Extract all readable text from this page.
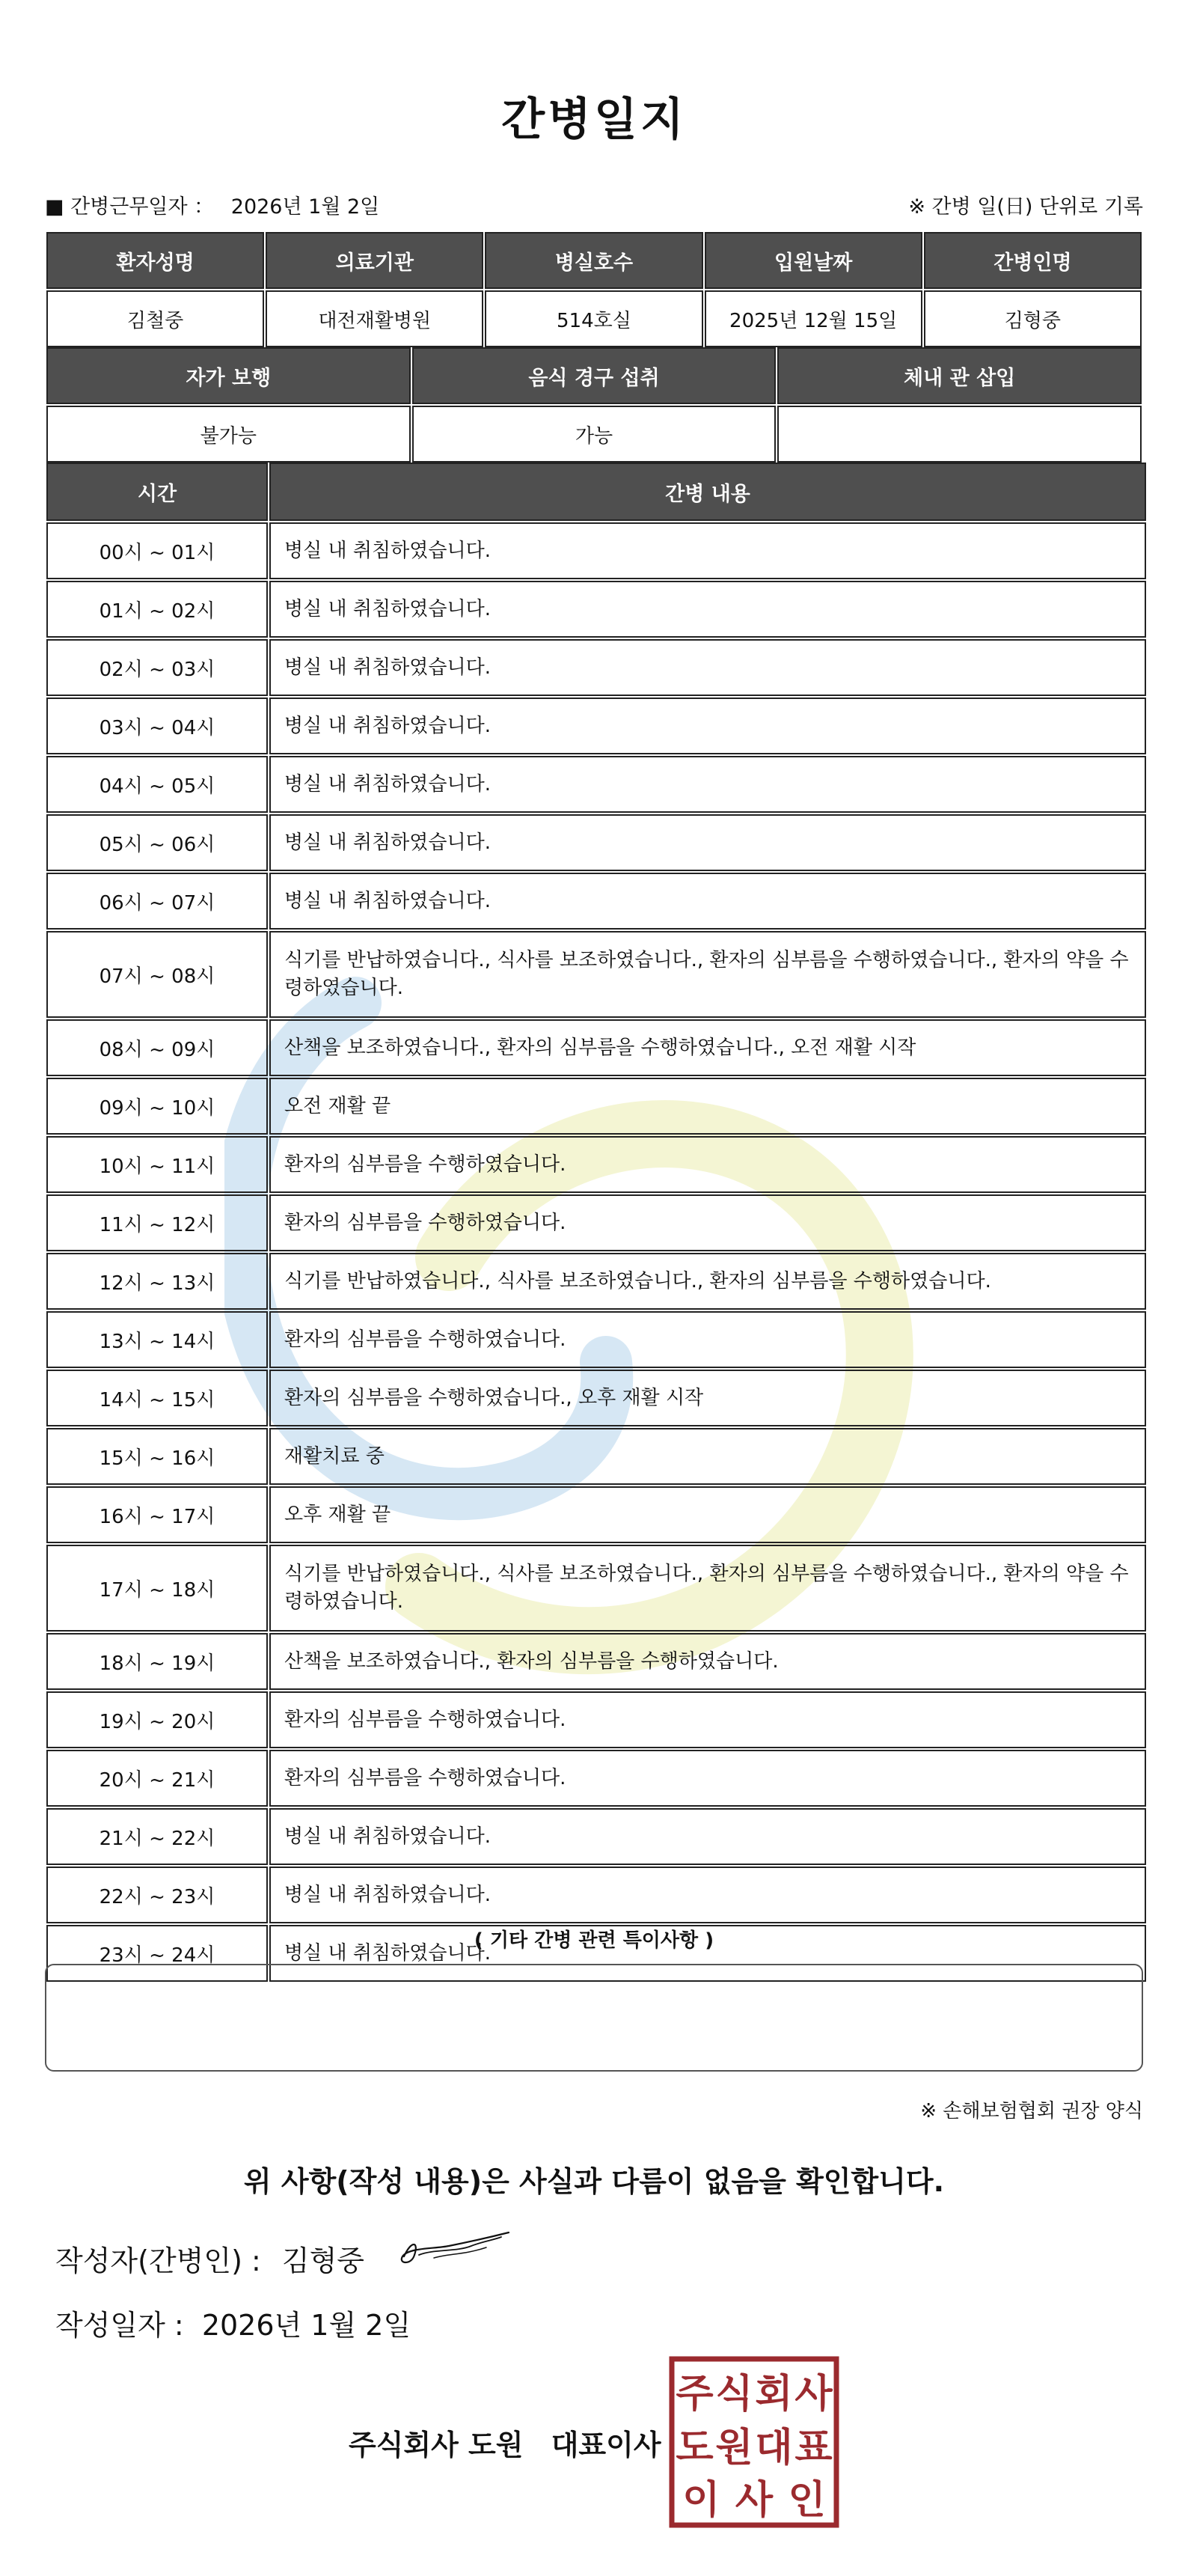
간병일지
■ 간병근무일자 ： 2026년 1월 2일	※ 간병 일(日) 단위로 기록
환자성명	의료기관	병실호수	입원날짜	간병인명
김철중	대전재활병원	514호실	2025년 12월 15일	김형중
자가 보행	음식 경구 섭취	체내 관 삽입
불가능	가능	
시간	간병 내용
00시 ~ 01시	병실 내 취침하였습니다.
01시 ~ 02시	병실 내 취침하였습니다.
02시 ~ 03시	병실 내 취침하였습니다.
03시 ~ 04시	병실 내 취침하였습니다.
04시 ~ 05시	병실 내 취침하였습니다.
05시 ~ 06시	병실 내 취침하였습니다.
06시 ~ 07시	병실 내 취침하였습니다.
07시 ~ 08시	식기를 반납하였습니다., 식사를 보조하였습니다., 환자의 심부름을 수행하였습니다., 환자의 약을 수령하였습니다.
08시 ~ 09시	산책을 보조하였습니다., 환자의 심부름을 수행하였습니다., 오전 재활 시작
09시 ~ 10시	오전 재활 끝
10시 ~ 11시	환자의 심부름을 수행하였습니다.
11시 ~ 12시	환자의 심부름을 수행하였습니다.
12시 ~ 13시	식기를 반납하였습니다., 식사를 보조하였습니다., 환자의 심부름을 수행하였습니다.
13시 ~ 14시	환자의 심부름을 수행하였습니다.
14시 ~ 15시	환자의 심부름을 수행하였습니다., 오후 재활 시작
15시 ~ 16시	재활치료 중
16시 ~ 17시	오후 재활 끝
17시 ~ 18시	식기를 반납하였습니다., 식사를 보조하였습니다., 환자의 심부름을 수행하였습니다., 환자의 약을 수령하였습니다.
18시 ~ 19시	산책을 보조하였습니다., 환자의 심부름을 수행하였습니다.
19시 ~ 20시	환자의 심부름을 수행하였습니다.
20시 ~ 21시	환자의 심부름을 수행하였습니다.
21시 ~ 22시	병실 내 취침하였습니다.
22시 ~ 23시	병실 내 취침하였습니다.
23시 ~ 24시	병실 내 취침하였습니다.
( 기타 간병 관련 특이사항 )
※ 손해보험협회 권장 양식
위 사항(작성 내용)은 사실과 다름이 없음을 확인합니다.
작성자(간병인) : 김형중
작성일자 : 2026년 1월 2일
주식회사 도원 대표이사
주 식 회 사
도 원 대 표
이 사 인
